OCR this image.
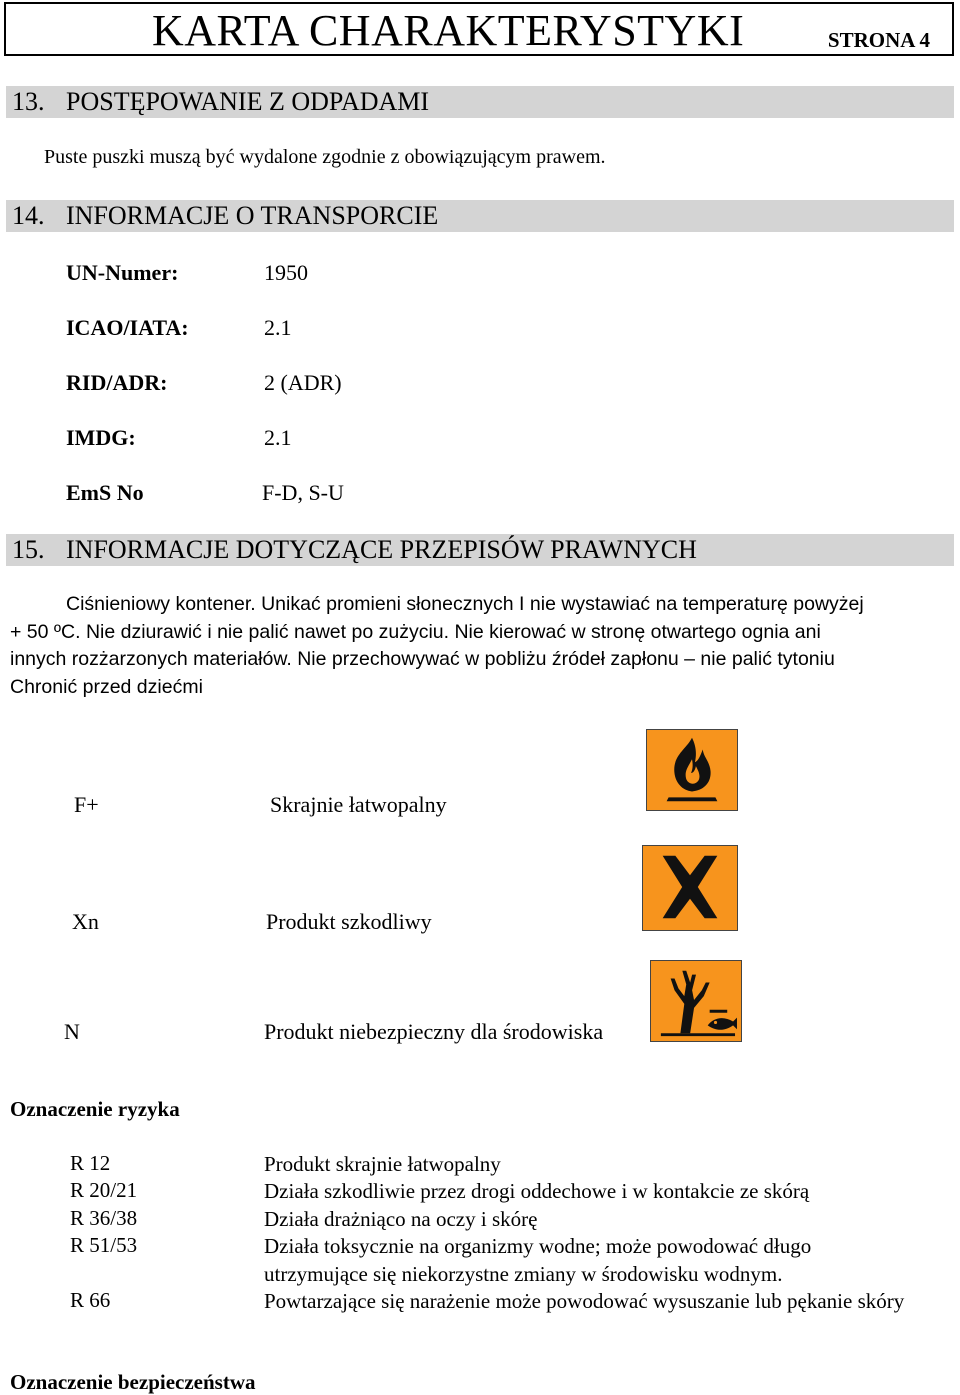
KARTA CHARAKTERYSTYKI	STRONA 4
13. POSTĘPOWANIE Z ODPADAMI
Puste puszki muszą być wydalone zgodnie z obowiązującym prawem.
14. INFORMACJE O TRANSPORCIE
UN-Numer:	1950
ICAO/IATA:	2.1
RID/ADR:	2 (ADR)
IMDG:	2.1
EmS No	F-D, S-U
15. INFORMACJE DOTYCZĄCE PRZEPISÓW PRAWNYCH
Ciśnieniowy kontener. Unikać promieni słonecznych I nie wystawiać na temperaturę powyżej
+ 50 ºC. Nie dziurawić i nie palić nawet po zużyciu. Nie kierować w stronę otwartego ognia ani
innych rozżarzonych materiałów. Nie przechowywać w pobliżu źródeł zapłonu – nie palić tytoniu
Chronić przed dziećmi
F+	Skrajnie łatwopalny
Xn	Produkt szkodliwy
N	Produkt niebezpieczny dla środowiska
Oznaczenie ryzyka
R 12	Produkt skrajnie łatwopalny
R 20/21	Działa szkodliwie przez drogi oddechowe i w kontakcie ze skórą
R 36/38	Działa drażniąco na oczy i skórę
R 51/53	Działa toksycznie na organizmy wodne; może powodować długo utrzymujące się niekorzystne zmiany w środowisku wodnym.
R 66	Powtarzające się narażenie może powodować wysuszanie lub pękanie skóry
Oznaczenie bezpieczeństwa
